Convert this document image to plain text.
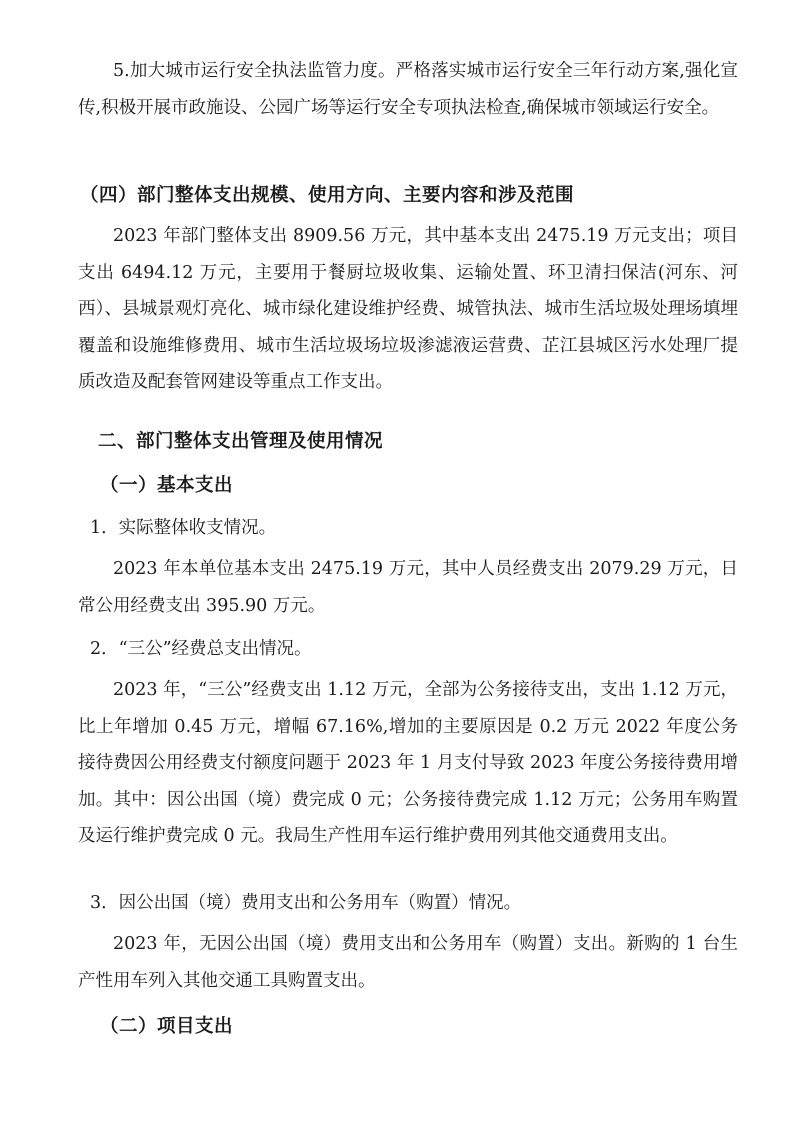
5.加大城市运行安全执法监管力度。严格落实城市运行安全三年行动方案,强化宣传,积极开展市政施设、公园广场等运行安全专项执法检查,确保城市领域运行安全。

（四）部门整体支出规模、使用方向、主要内容和涉及范围

2023 年部门整体支出 8909.56 万元，其中基本支出 2475.19 万元支出；项目支出 6494.12 万元，主要用于餐厨垃圾收集、运输处置、环卫清扫保洁(河东、河西）、县城景观灯亮化、城市绿化建设维护经费、城管执法、城市生活垃圾处理场填埋覆盖和设施维修费用、城市生活垃圾场垃圾渗滤液运营费、芷江县城区污水处理厂提质改造及配套管网建设等重点工作支出。

二、部门整体支出管理及使用情况
（一）基本支出

1．实际整体收支情况。

2023 年本单位基本支出 2475.19 万元，其中人员经费支出 2079.29 万元，日常公用经费支出 395.90 万元。

2．“三公”经费总支出情况。

2023 年，“三公”经费支出 1.12 万元，全部为公务接待支出，支出 1.12 万元，比上年增加 0.45 万元，增幅 67.16%,增加的主要原因是 0.2 万元 2022 年度公务接待费因公用经费支付额度问题于 2023 年 1 月支付导致 2023 年度公务接待费用增加。其中：因公出国（境）费完成 0 元；公务接待费完成 1.12 万元；公务用车购置及运行维护费完成 0 元。我局生产性用车运行维护费用列其他交通费用支出。

3．因公出国（境）费用支出和公务用车（购置）情况。

2023 年，无因公出国（境）费用支出和公务用车（购置）支出。新购的 1 台生产性用车列入其他交通工具购置支出。

（二）项目支出
